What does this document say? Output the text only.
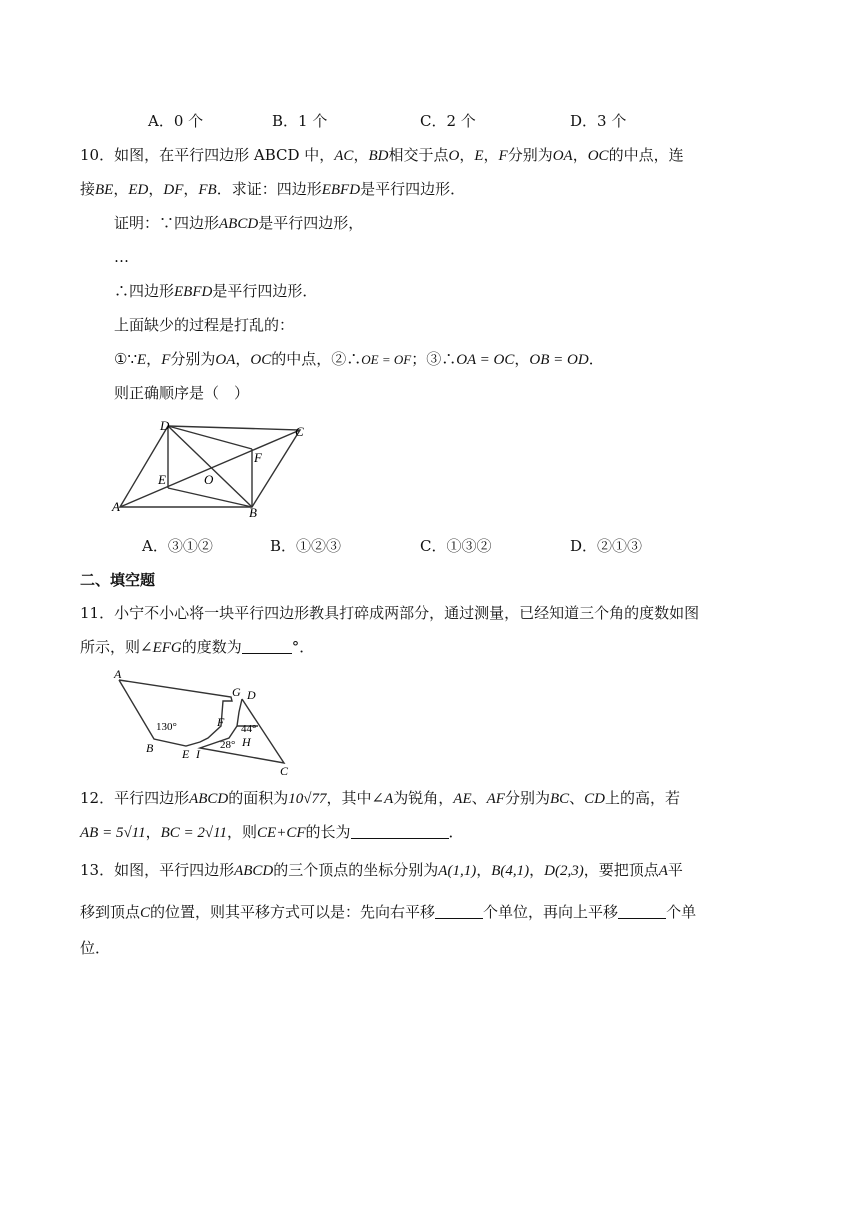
A．0 个	B．1 个	C．2 个	D．3 个
10．如图，在平行四边形 ABCD 中，AC，BD相交于点O，E，F分别为OA，OC的中点，连
接BE，ED，DF，FB．求证：四边形EBFD是平行四边形．
证明：∵四边形ABCD是平行四边形，
…
∴四边形EBFD是平行四边形．
上面缺少的过程是打乱的：
①∵E，F分别为OA，OC的中点，②∴OE = OF；③∴OA = OC，OB = OD．
则正确顺序是（　）
D	C
F
E	O
A	B
A．③①②	B．①②③	C．①③②	D．②①③
二、填空题
11．小宁不小心将一块平行四边形教具打碎成两部分，通过测量，已经知道三个角的度数如图
所示，则∠EFG的度数为	°．
A
G D
F 44°
130°
28° H
B E I
C
12．平行四边形ABCD的面积为10√77，其中∠A为锐角，AE、AF分别为BC、CD上的高，若
AB = 5√11，BC = 2√11，则CE+CF的长为	．
13．如图，平行四边形ABCD的三个顶点的坐标分别为A(1,1)，B(4,1)，D(2,3)，要把顶点A平
移到顶点C的位置，则其平移方式可以是：先向右平移	个单位，再向上平移	个单
位．
